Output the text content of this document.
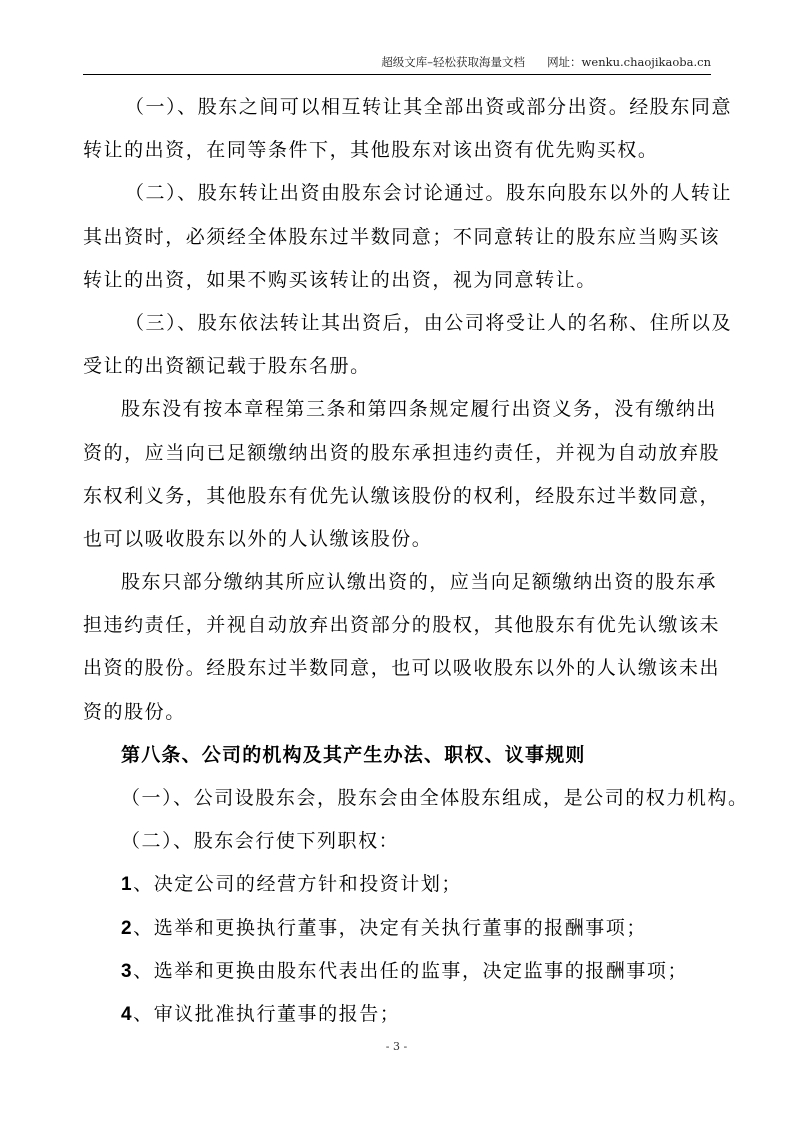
超级文库–轻松获取海量文档 网址：wenku.chaojikaoba.cn
（一）、股东之间可以相互转让其全部出资或部分出资。经股东同意
转让的出资，在同等条件下，其他股东对该出资有优先购买权。
（二）、股东转让出资由股东会讨论通过。股东向股东以外的人转让
其出资时，必须经全体股东过半数同意；不同意转让的股东应当购买该
转让的出资，如果不购买该转让的出资，视为同意转让。
（三）、股东依法转让其出资后，由公司将受让人的名称、住所以及
受让的出资额记载于股东名册。
股东没有按本章程第三条和第四条规定履行出资义务，没有缴纳出
资的，应当向已足额缴纳出资的股东承担违约责任，并视为自动放弃股
东权利义务，其他股东有优先认缴该股份的权利，经股东过半数同意，
也可以吸收股东以外的人认缴该股份。
股东只部分缴纳其所应认缴出资的，应当向足额缴纳出资的股东承
担违约责任，并视自动放弃出资部分的股权，其他股东有优先认缴该未
出资的股份。经股东过半数同意，也可以吸收股东以外的人认缴该未出
资的股份。
第八条、公司的机构及其产生办法、职权、议事规则
（一）、公司设股东会，股东会由全体股东组成，是公司的权力机构。
（二）、股东会行使下列职权：
1、决定公司的经营方针和投资计划；
2、选举和更换执行董事，决定有关执行董事的报酬事项；
3、选举和更换由股东代表出任的监事，决定监事的报酬事项；
4、审议批准执行董事的报告；
- 3 -
